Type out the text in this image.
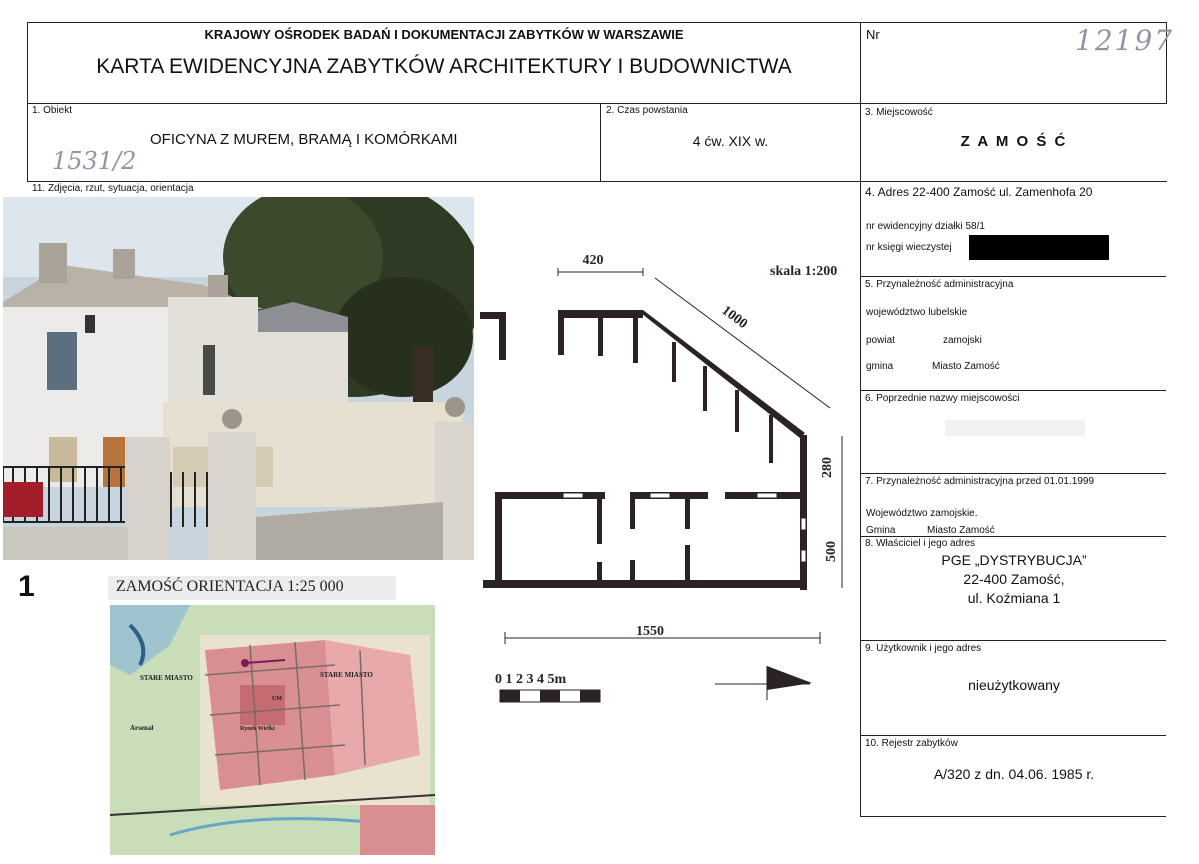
KRAJOWY OŚRODEK BADAŃ I DOKUMENTACJI ZABYTKÓW W WARSZAWIE
KARTA EWIDENCYJNA ZABYTKÓW ARCHITEKTURY I BUDOWNICTWA
Nr	12197
1. Obiekt
OFICYNA Z MUREM, BRAMĄ I KOMÓRKAMI
1531/2
2. Czas powstania
4 ćw. XIX w.
3. Miejscowość
Z A M O Ś Ć
11. Zdjęcia, rzut, sytuacja, orientacja	4. Adres 22-400 Zamość ul. Zamenhofa 20
nr ewidencyjny działki 58/1
nr księgi wieczystej
5. Przynależność administracyjna
województwo lubelskie
powiat	zamojski
gmina	Miasto Zamość
6. Poprzednie nazwy miejscowości
7. Przynależność administracyjna przed 01.01.1999
Województwo zamojskie.
Gmina	Miasto Zamość
8. Właściciel i jego adres
PGE „DYSTRYBUCJA”
22-400 Zamość,
ul. Koźmiana 1
9. Użytkownik i jego adres
nieużytkowany
10. Rejestr zabytków
A/320 z dn. 04.06. 1985 r.
420
skala 1:200
1000
280
500
1550
0 1 2 3 4 5m
1	ZAMOŚĆ ORIENTACJA 1:25 000
STARE MIASTO	STARE MIASTO
Arsenał	Rynek Wielki
UM
